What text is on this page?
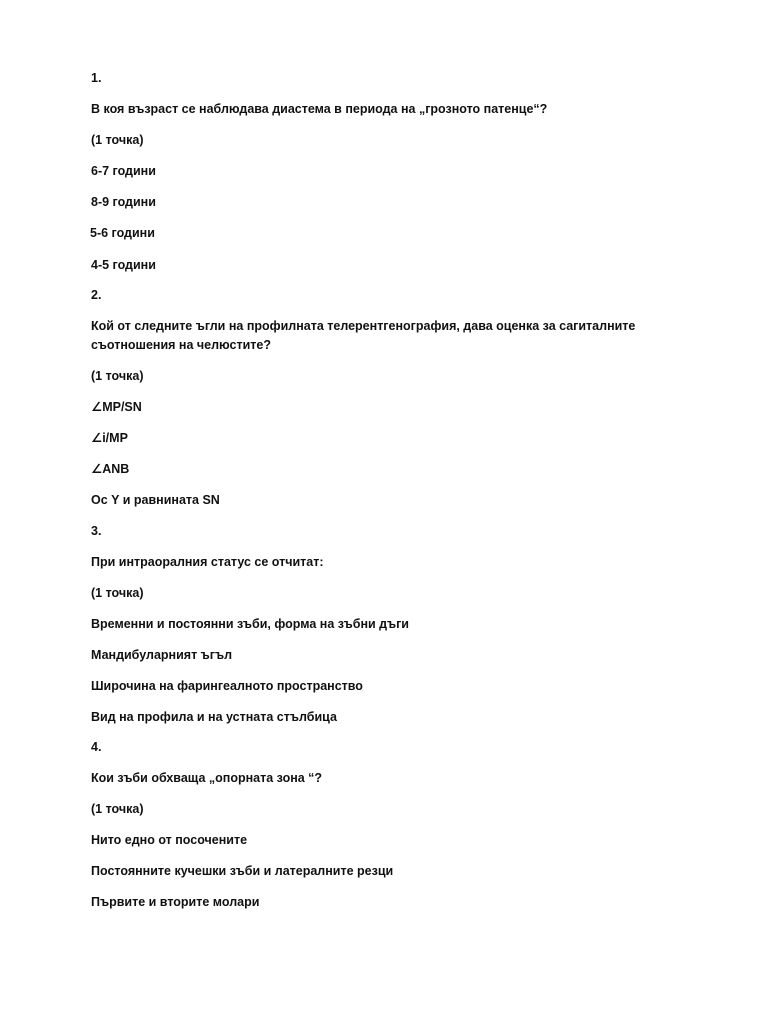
1.
В коя възраст се наблюдава диастема в периода на „грозното патенце“?
(1 точка)
6-7 години
8-9 години
5-6 години
4-5 години
2.
Кой от следните ъгли на профилната телерентгенография, дава оценка за сагиталните
съотношения на челюстите?
(1 точка)
∠MP/SN
∠i/MP
∠ANB
Ос Y и равнината SN
3.
При интраоралния статус се отчитат:
(1 точка)
Временни и постоянни зъби, форма на зъбни дъги
Мандибуларният ъгъл
Широчина на фарингеалното пространство
Вид на профила и на устната стълбица
4.
Кои зъби обхваща „опорната зона “?
(1 точка)
Нито едно от посочените
Постоянните кучешки зъби и латералните резци
Първите и вторите молари
